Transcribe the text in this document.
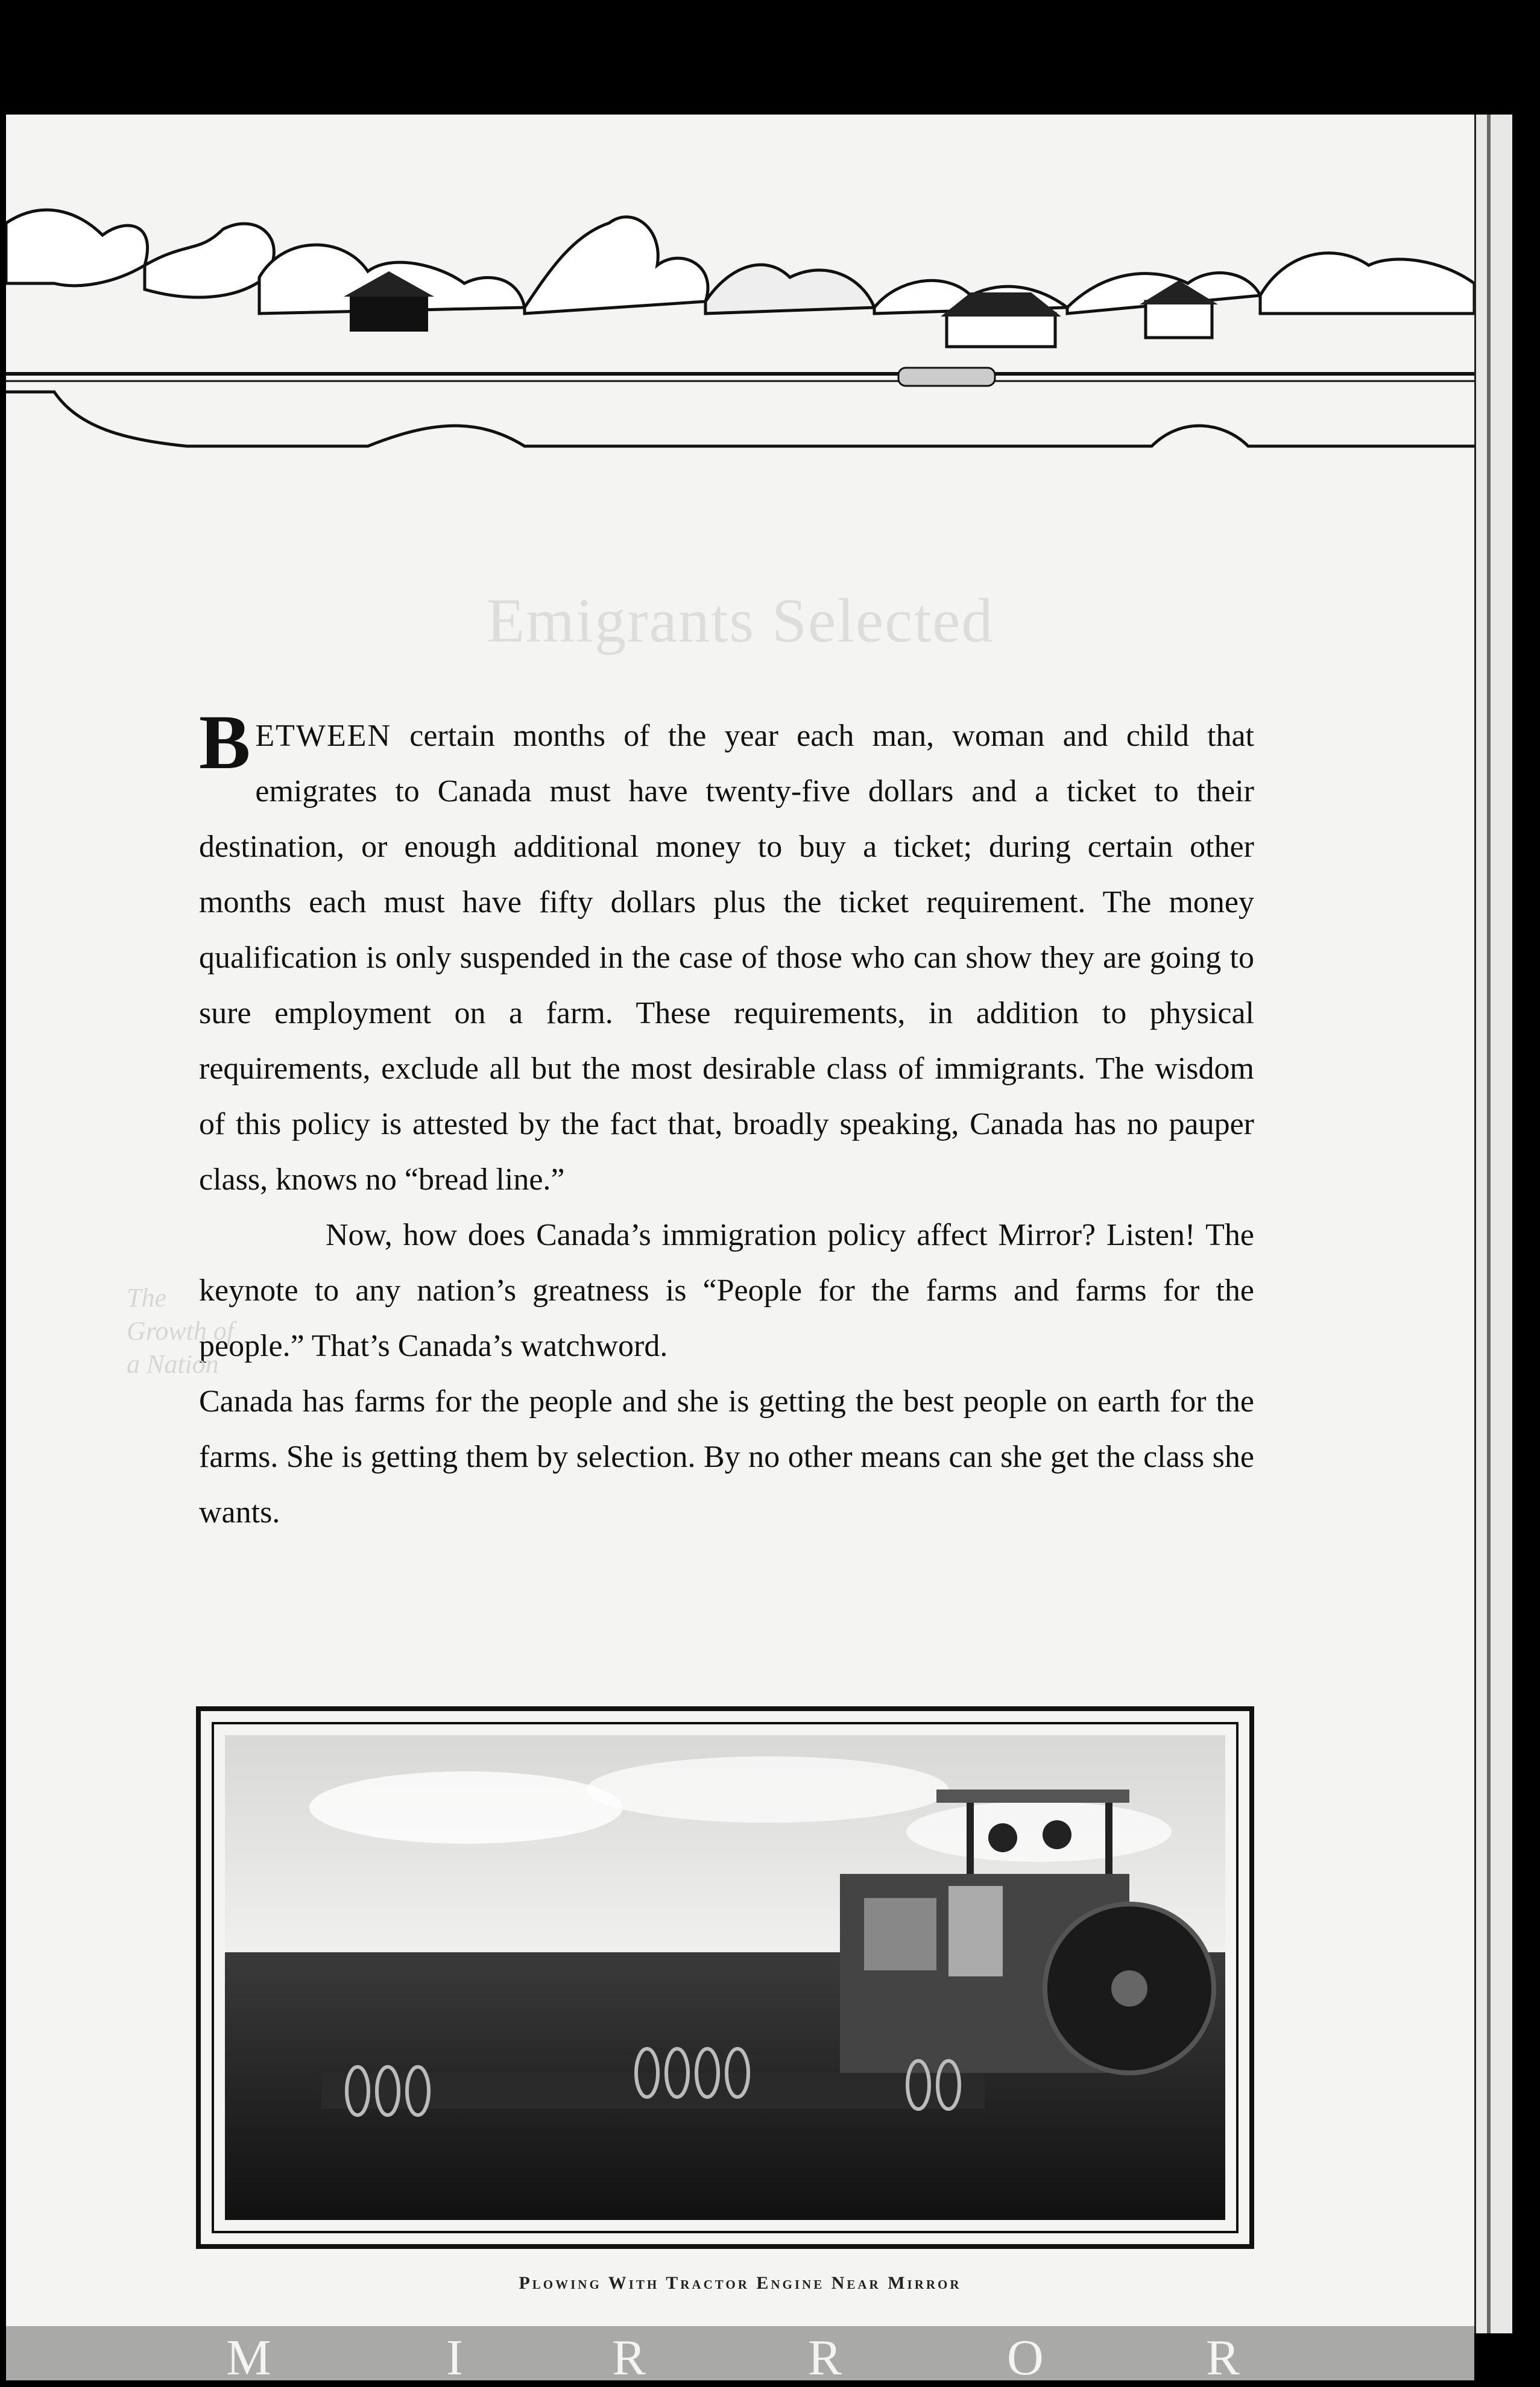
Emigrants Selected

BETWEEN certain months of the year each man, woman and child that emigrates to Canada must have twenty-five dollars and a ticket to their destination, or enough additional money to buy a ticket; during certain other months each must have fifty dollars plus the ticket requirement. The money qualification is only suspended in the case of those who can show they are going to sure employment on a farm. These requirements, in addition to physical requirements, exclude all but the most desirable class of immigrants. The wisdom of this policy is attested by the fact that, broadly speaking, Canada has no pauper class, knows no “bread line.”

Now, how does Canada’s immigration policy affect Mirror? Listen! The keynote to any nation’s greatness is “People for the farms and farms for the people.” That’s Canada’s watchword.

Canada has farms for the people and she is getting the best people on earth for the farms. She is getting them by selection. By no other means can she get the class she wants.

The Growth of a Nation
Plowing With Tractor Engine Near Mirror
M	I	R	R	O	R
